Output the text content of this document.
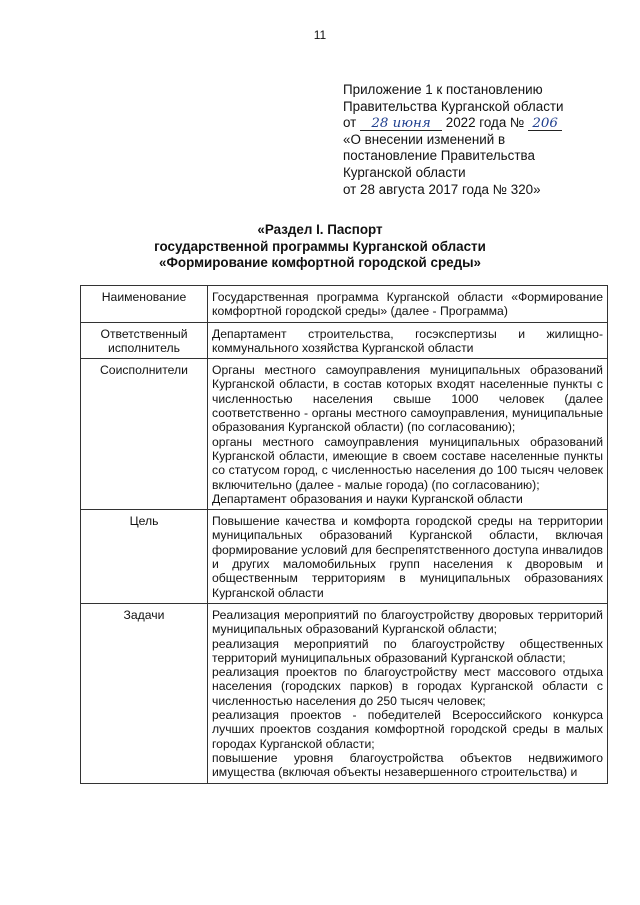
11
Приложение 1 к постановлению
Правительства Курганской области
от 28 июня 2022 года № 206
«О внесении изменений в
постановление Правительства
Курганской области
от 28 августа 2017 года № 320»
«Раздел I. Паспорт
государственной программы Курганской области
«Формирование комфортной городской среды»
Наименование	Государственная программа Курганской области «Формирование комфортной городской среды» (далее - Программа)

Ответственный исполнитель	Департамент строительства, госэкспертизы и жилищно-коммунального хозяйства Курганской области

Соисполнители	Органы местного самоуправления муниципальных образований Курганской области, в состав которых входят населенные пункты с численностью населения свыше 1000 человек (далее соответственно - органы местного самоуправления, муниципальные образования Курганской области) (по согласованию);
органы местного самоуправления муниципальных образований Курганской области, имеющие в своем составе населенные пункты со статусом город, с численностью населения до 100 тысяч человек включительно (далее - малые города) (по согласованию);
Департамент образования и науки Курганской области

Цель	Повышение качества и комфорта городской среды на территории муниципальных образований Курганской области, включая формирование условий для беспрепятственного доступа инвалидов и других маломобильных групп населения к дворовым и общественным территориям в муниципальных образованиях Курганской области

Задачи	Реализация мероприятий по благоустройству дворовых территорий муниципальных образований Курганской области;
реализация мероприятий по благоустройству общественных территорий муниципальных образований Курганской области;
реализация проектов по благоустройству мест массового отдыха населения (городских парков) в городах Курганской области с численностью населения до 250 тысяч человек;
реализация проектов - победителей Всероссийского конкурса лучших проектов создания комфортной городской среды в малых городах Курганской области;
повышение уровня благоустройства объектов недвижимого имущества (включая объекты незавершенного строительства) и
